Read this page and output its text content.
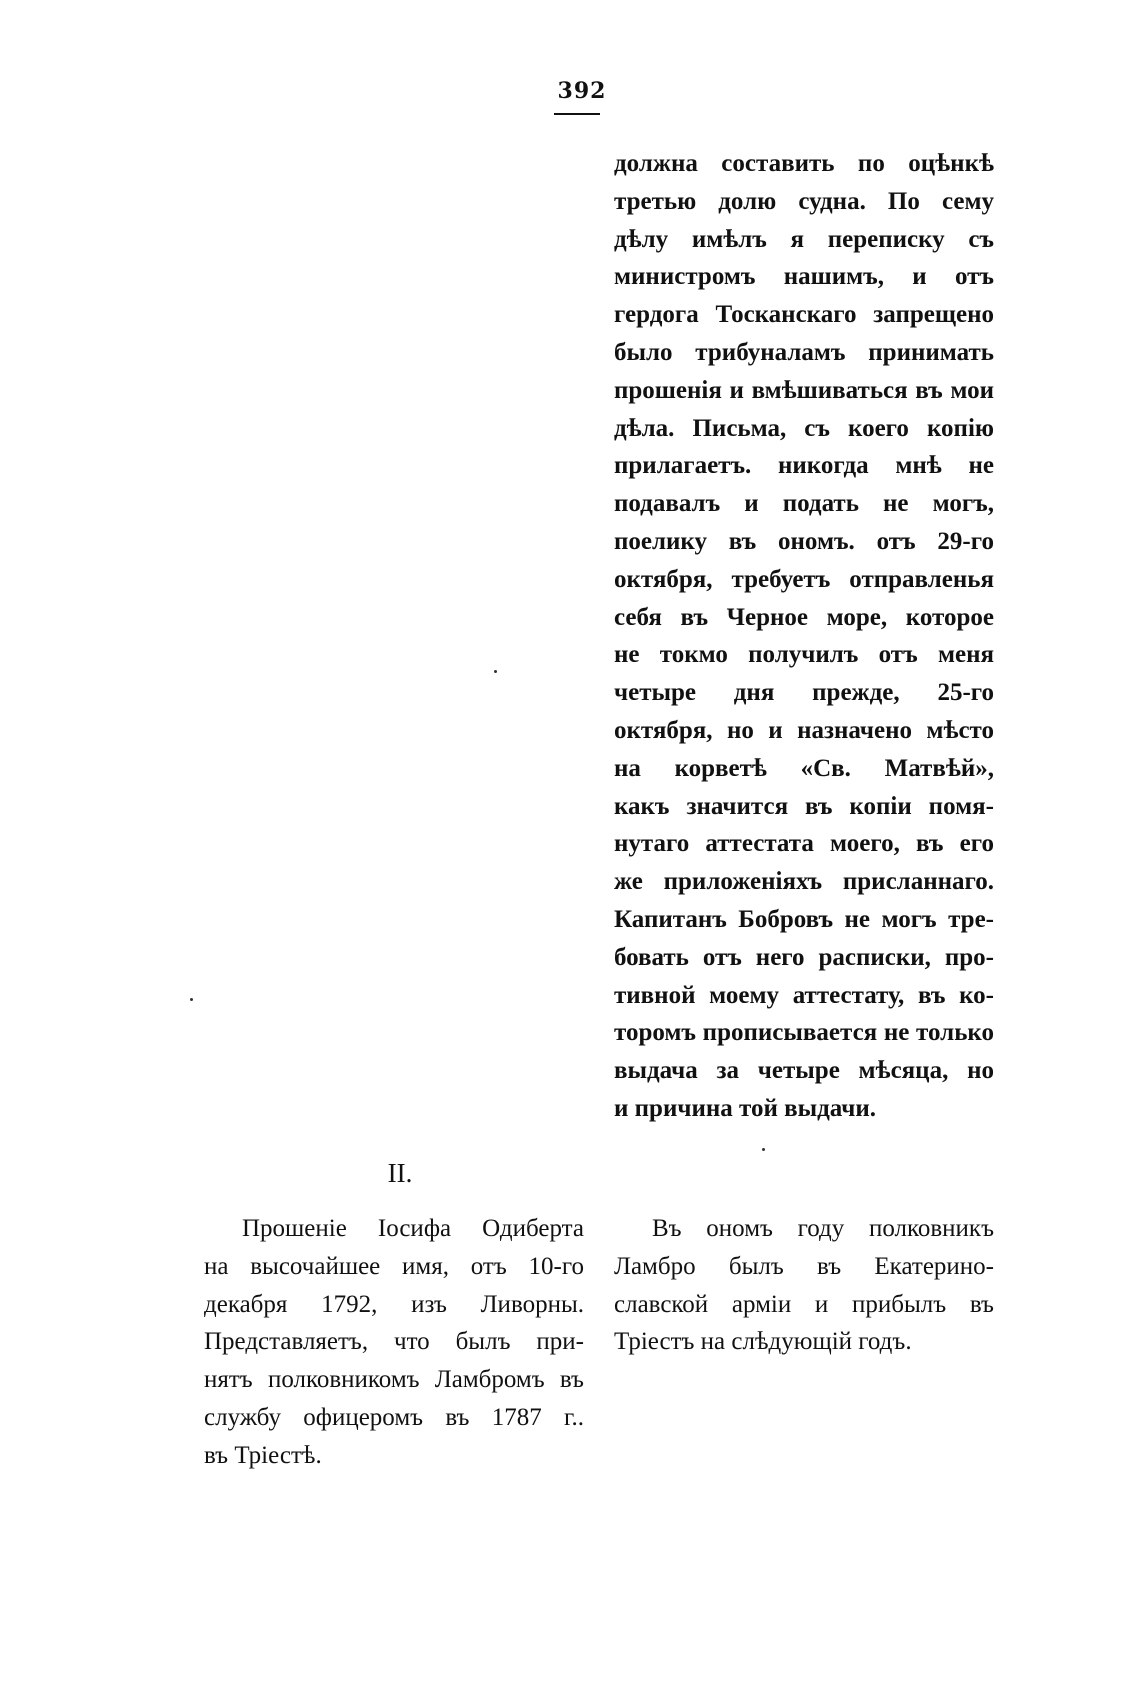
392
должна составить по оцѣнкѣ
третью долю судна. По сему
дѣлу имѣлъ я переписку съ
министромъ нашимъ, и отъ
гердога Тосканскаго запрещено
было трибуналамъ принимать
прошенія и вмѣшиваться въ мои
дѣла. Письма, съ коего копію
прилагаетъ. никогда мнѣ не
подавалъ и подать не могъ,
поелику въ ономъ. отъ 29-го
октября, требуетъ отправленья
себя въ Черное море, которое
не токмо получилъ отъ меня
четыре дня прежде, 25-го
октября, но и назначено мѣсто
на корветѣ «Св. Матвѣй»,
какъ значится въ копіи помя-
нутаго аттестата моего, въ его
же приложеніяхъ присланнаго.
Капитанъ Бобровъ не могъ тре-
бовать отъ него расписки, про-
тивной моему аттестату, въ ко-
торомъ прописывается не только
выдача за четыре мѣсяца, но
и причина той выдачи.
II.
Прошеніе Іосифа Одиберта
на высочайшее имя, отъ 10-го
декабря 1792, изъ Ливорны.
Представляетъ, что былъ при-
нятъ полковникомъ Ламбромъ въ
службу офицеромъ въ 1787 г..
въ Тріестѣ.
Въ ономъ году полковникъ
Ламбро былъ въ Екатерино-
славской арміи и прибылъ въ
Тріестъ на слѣдующій годъ.
